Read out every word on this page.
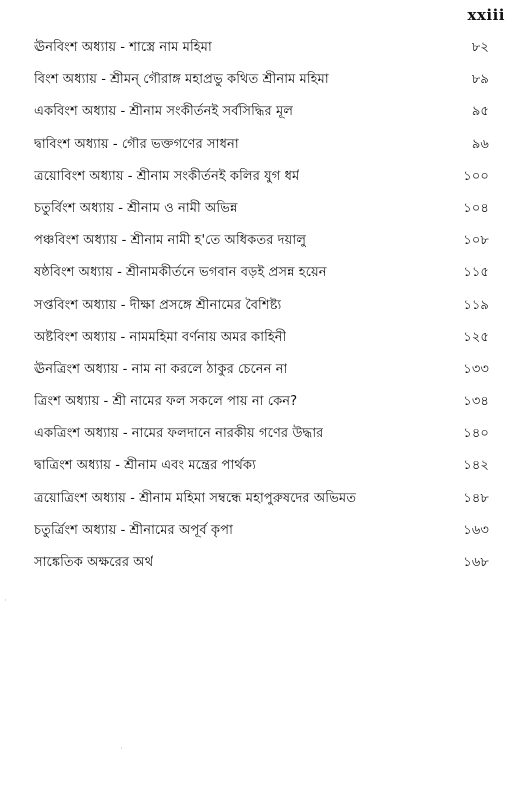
xxiii
ঊনবিংশ অধ্যায় - শাস্ত্রে নাম মহিমা	৮২
বিংশ অধ্যায় - শ্রীমন্ গৌরাঙ্গ মহাপ্রভু কথিত শ্রীনাম মহিমা	৮৯
একবিংশ অধ্যায় - শ্রীনাম সংকীর্তনই সর্বসিদ্ধির মূল	৯৫
দ্বাবিংশ অধ্যায় - গৌর ভক্তগণের সাধনা	৯৬
ত্রয়োবিংশ অধ্যায় - শ্রীনাম সংকীর্তনই কলির যুগ ধর্ম	১০০
চতুর্বিংশ অধ্যায় - শ্রীনাম ও নামী অভিন্ন	১০৪
পঞ্চবিংশ অধ্যায় - শ্রীনাম নামী হ'তে অধিকতর দয়ালু	১০৮
ষষ্ঠবিংশ অধ্যায় - শ্রীনামকীর্তনে ভগবান বড়ই প্রসন্ন হয়েন	১১৫
সপ্তবিংশ অধ্যায় - দীক্ষা প্রসঙ্গে শ্রীনামের বৈশিষ্ট্য	১১৯
অষ্টবিংশ অধ্যায় - নামমহিমা বর্ণনায় অমর কাহিনী	১২৫
ঊনত্রিংশ অধ্যায় - নাম না করলে ঠাকুর চেনেন না	১৩৩
ত্রিংশ অধ্যায় - শ্রী নামের ফল সকলে পায় না কেন?	১৩৪
একত্রিংশ অধ্যায় - নামের ফলদানে নারকীয় গণের উদ্ধার	১৪০
দ্বাত্রিংশ অধ্যায় - শ্রীনাম এবং মন্ত্রের পার্থক্য	১৪২
ত্রয়োত্রিংশ অধ্যায় - শ্রীনাম মহিমা সম্বন্ধে মহাপুরুষদের অভিমত	১৪৮
চতুর্ত্রিংশ অধ্যায় - শ্রীনামের অপূর্ব কৃপা	১৬৩
সাঙ্কেতিক অক্ষরের অর্থ	১৬৮
·
·
